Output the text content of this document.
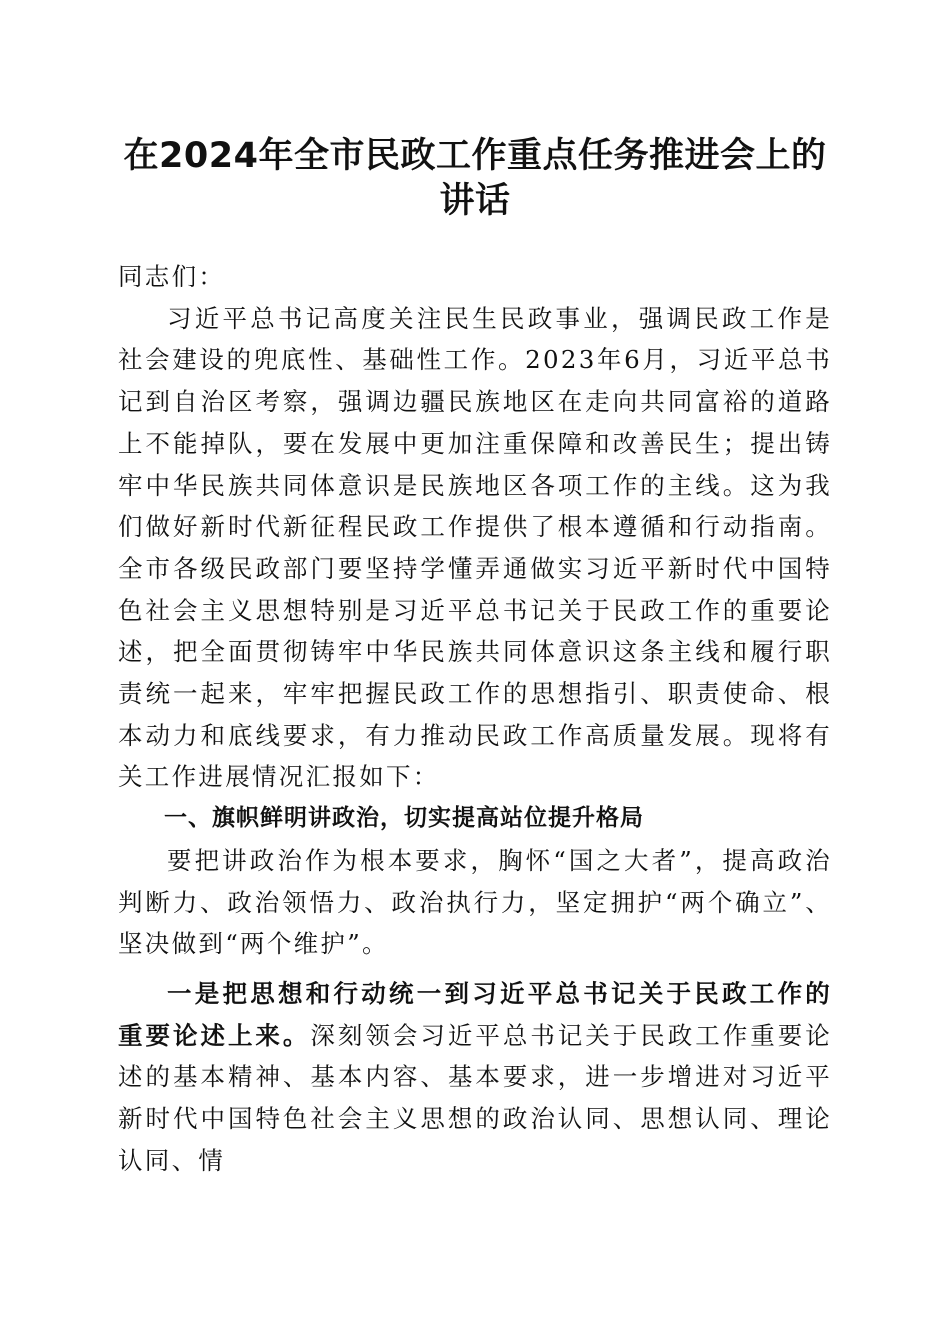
在2024年全市民政工作重点任务推进会上的
讲话

同志们：

习近平总书记高度关注民生民政事业，强调民政工作是社会建设的兜底性、基础性工作。2023年6月，习近平总书记到自治区考察，强调边疆民族地区在走向共同富裕的道路上不能掉队，要在发展中更加注重保障和改善民生；提出铸牢中华民族共同体意识是民族地区各项工作的主线。这为我们做好新时代新征程民政工作提供了根本遵循和行动指南。全市各级民政部门要坚持学懂弄通做实习近平新时代中国特色社会主义思想特别是习近平总书记关于民政工作的重要论述，把全面贯彻铸牢中华民族共同体意识这条主线和履行职责统一起来，牢牢把握民政工作的思想指引、职责使命、根本动力和底线要求，有力推动民政工作高质量发展。现将有关工作进展情况汇报如下：

一、旗帜鲜明讲政治，切实提高站位提升格局

要把讲政治作为根本要求，胸怀“国之大者”，提高政治判断力、政治领悟力、政治执行力，坚定拥护“两个确立”、坚决做到“两个维护”。

一是把思想和行动统一到习近平总书记关于民政工作的重要论述上来。深刻领会习近平总书记关于民政工作重要论述的基本精神、基本内容、基本要求，进一步增进对习近平新时代中国特色社会主义思想的政治认同、思想认同、理论认同、情
